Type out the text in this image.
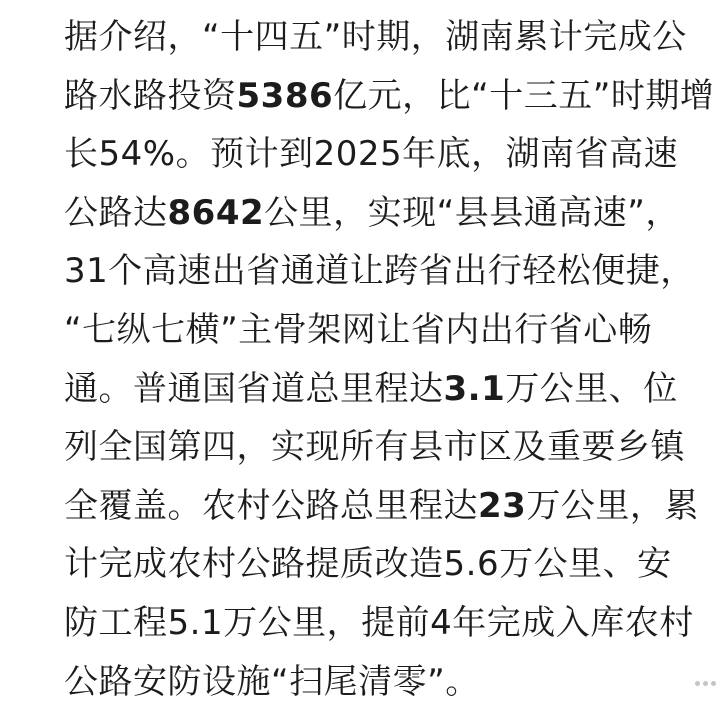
据介绍，“十四五”时期，湖南累计完成公
路水路投资5386亿元，比“十三五”时期增
长54%。预计到2025年底，湖南省高速
公路达8642公里，实现“县县通高速”，
31个高速出省通道让跨省出行轻松便捷，
“七纵七横”主骨架网让省内出行省心畅
通。普通国省道总里程达3.1万公里、位
列全国第四，实现所有县市区及重要乡镇
全覆盖。农村公路总里程达23万公里，累
计完成农村公路提质改造5.6万公里、安
防工程5.1万公里，提前4年完成入库农村
公路安防设施“扫尾清零”。
